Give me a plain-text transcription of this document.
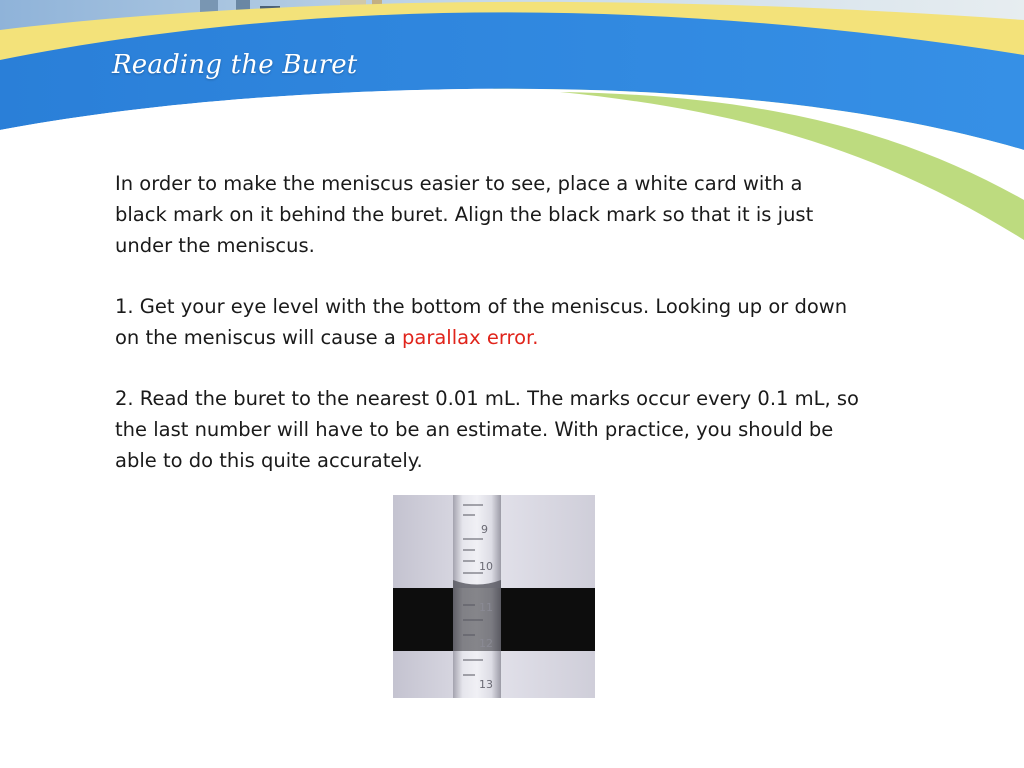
Reading the Buret

In order to make the meniscus easier to see, place a white card with a black mark on it behind the buret. Align the black mark so that it is just under the meniscus.

1. Get your eye level with the bottom of the meniscus. Looking up or down on the meniscus will cause a parallax error.

2. Read the buret to the nearest 0.01 mL. The marks occur every 0.1 mL, so the last number will have to be an estimate. With practice, you should be able to do this quite accurately.

9
10
11
12
13
